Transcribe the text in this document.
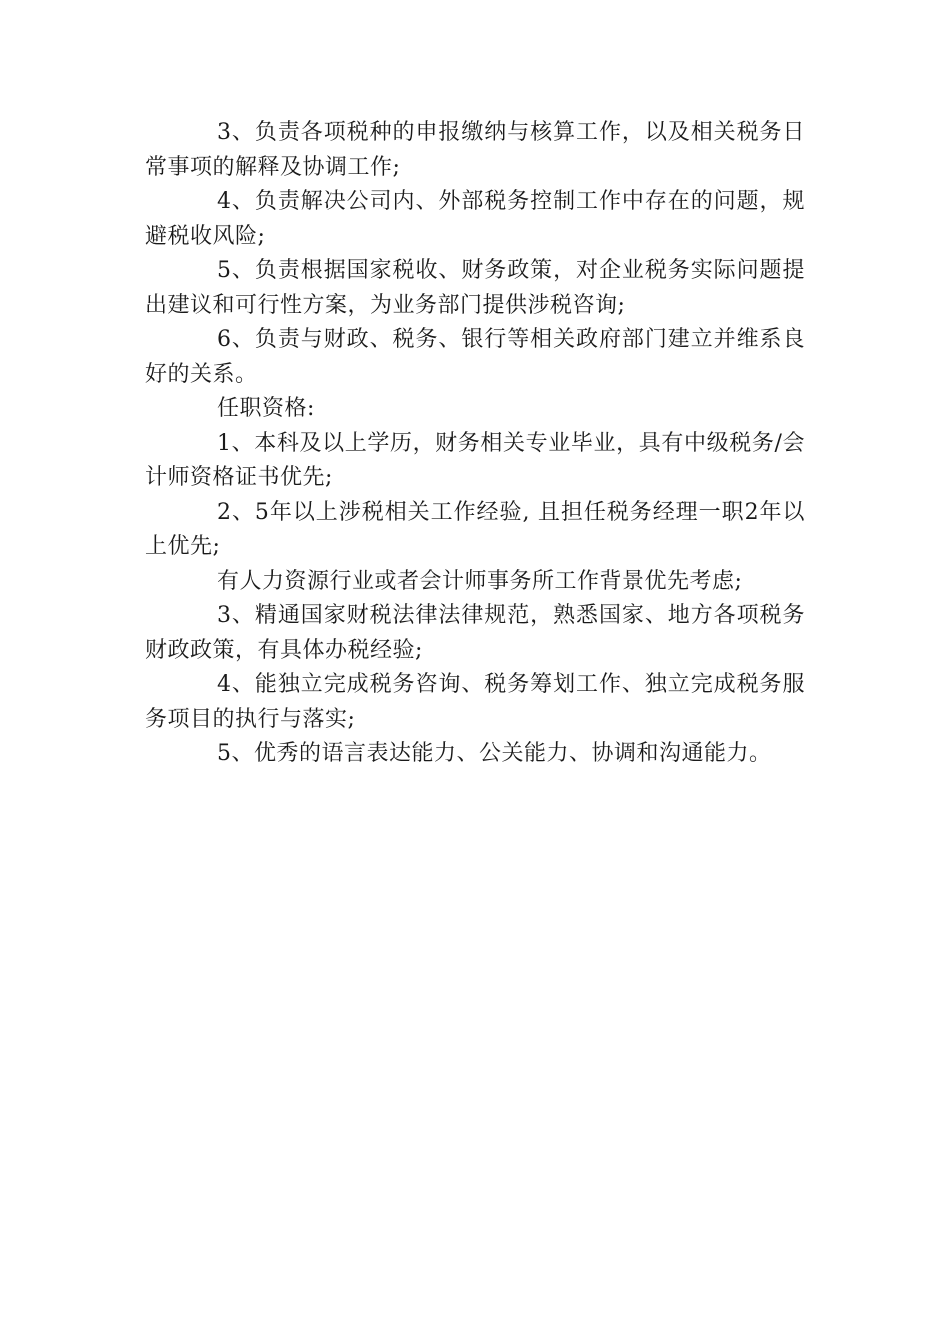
3、负责各项税种的申报缴纳与核算工作，以及相关税务日常事项的解释及协调工作;

4、负责解决公司内、外部税务控制工作中存在的问题，规避税收风险;

5、负责根据国家税收、财务政策，对企业税务实际问题提出建议和可行性方案，为业务部门提供涉税咨询;

6、负责与财政、税务、银行等相关政府部门建立并维系良好的关系。

任职资格:

1、本科及以上学历，财务相关专业毕业，具有中级税务/会计师资格证书优先;

2、5年以上涉税相关工作经验, 且担任税务经理一职2年以上优先;

有人力资源行业或者会计师事务所工作背景优先考虑;

3、精通国家财税法律法律规范，熟悉国家、地方各项税务财政政策，有具体办税经验;

4、能独立完成税务咨询、税务筹划工作、独立完成税务服务项目的执行与落实;

5、优秀的语言表达能力、公关能力、协调和沟通能力。
